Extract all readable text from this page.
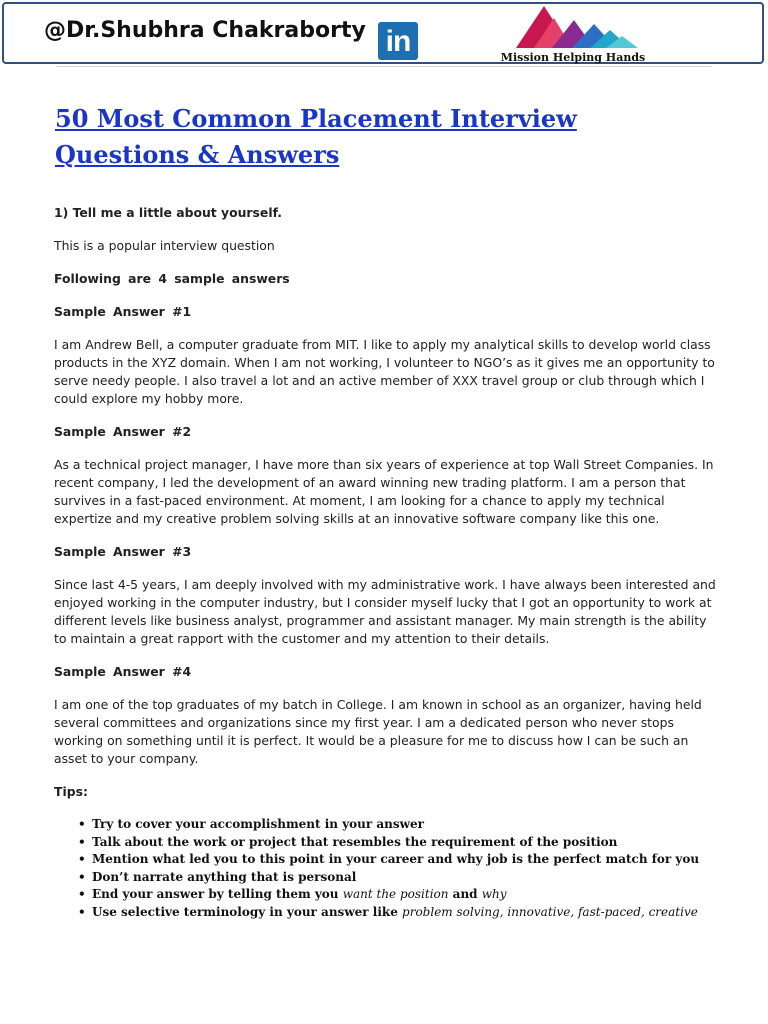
@Dr.Shubhra Chakraborty in	Mission Helping Hands
50 Most Common Placement Interview
Questions & Answers

1) Tell me a little about yourself.

This is a popular interview question

Following are 4 sample answers

Sample Answer #1

I am Andrew Bell, a computer graduate from MIT. I like to apply my analytical skills to develop world class products in the XYZ domain. When I am not working, I volunteer to NGO’s as it gives me an opportunity to serve needy people. I also travel a lot and an active member of XXX travel group or club through which I could explore my hobby more.

Sample Answer #2

As a technical project manager, I have more than six years of experience at top Wall Street Companies. In recent company, I led the development of an award winning new trading platform. I am a person that survives in a fast-paced environment. At moment, I am looking for a chance to apply my technical expertize and my creative problem solving skills at an innovative software company like this one.

Sample Answer #3

Since last 4-5 years, I am deeply involved with my administrative work. I have always been interested and enjoyed working in the computer industry, but I consider myself lucky that I got an opportunity to work at different levels like business analyst, programmer and assistant manager. My main strength is the ability to maintain a great rapport with the customer and my attention to their details.

Sample Answer #4

I am one of the top graduates of my batch in College. I am known in school as an organizer, having held several committees and organizations since my first year. I am a dedicated person who never stops working on something until it is perfect. It would be a pleasure for me to discuss how I can be such an asset to your company.

Tips:

• Try to cover your accomplishment in your answer
• Talk about the work or project that resembles the requirement of the position
• Mention what led you to this point in your career and why job is the perfect match for you
• Don’t narrate anything that is personal
• End your answer by telling them you want the position and why
• Use selective terminology in your answer like problem solving, innovative, fast-paced, creative
